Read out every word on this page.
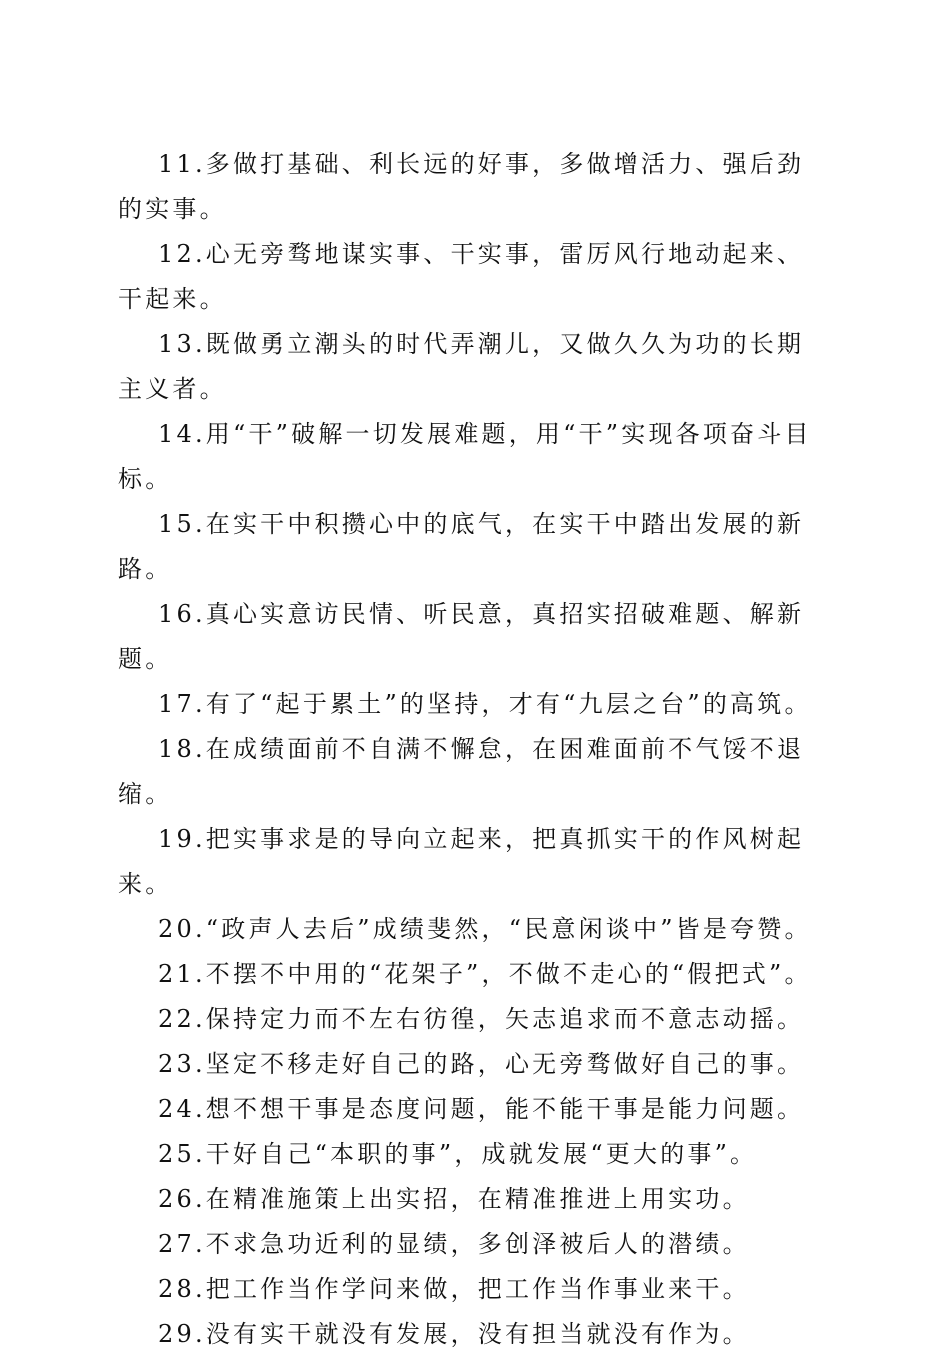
11.多做打基础、利长远的好事，多做增活力、强后劲的实事。

12.心无旁骛地谋实事、干实事，雷厉风行地动起来、干起来。

13.既做勇立潮头的时代弄潮儿，又做久久为功的长期主义者。

14.用“干”破解一切发展难题，用“干”实现各项奋斗目标。

15.在实干中积攒心中的底气，在实干中踏出发展的新路。

16.真心实意访民情、听民意，真招实招破难题、解新题。

17.有了“起于累土”的坚持，才有“九层之台”的高筑。

18.在成绩面前不自满不懈怠，在困难面前不气馁不退缩。

19.把实事求是的导向立起来，把真抓实干的作风树起来。

20.“政声人去后”成绩斐然，“民意闲谈中”皆是夸赞。

21.不摆不中用的“花架子”，不做不走心的“假把式”。

22.保持定力而不左右彷徨，矢志追求而不意志动摇。

23.坚定不移走好自己的路，心无旁骛做好自己的事。

24.想不想干事是态度问题，能不能干事是能力问题。

25.干好自己“本职的事”，成就发展“更大的事”。

26.在精准施策上出实招，在精准推进上用实功。

27.不求急功近利的显绩，多创泽被后人的潜绩。

28.把工作当作学问来做，把工作当作事业来干。

29.没有实干就没有发展，没有担当就没有作为。
